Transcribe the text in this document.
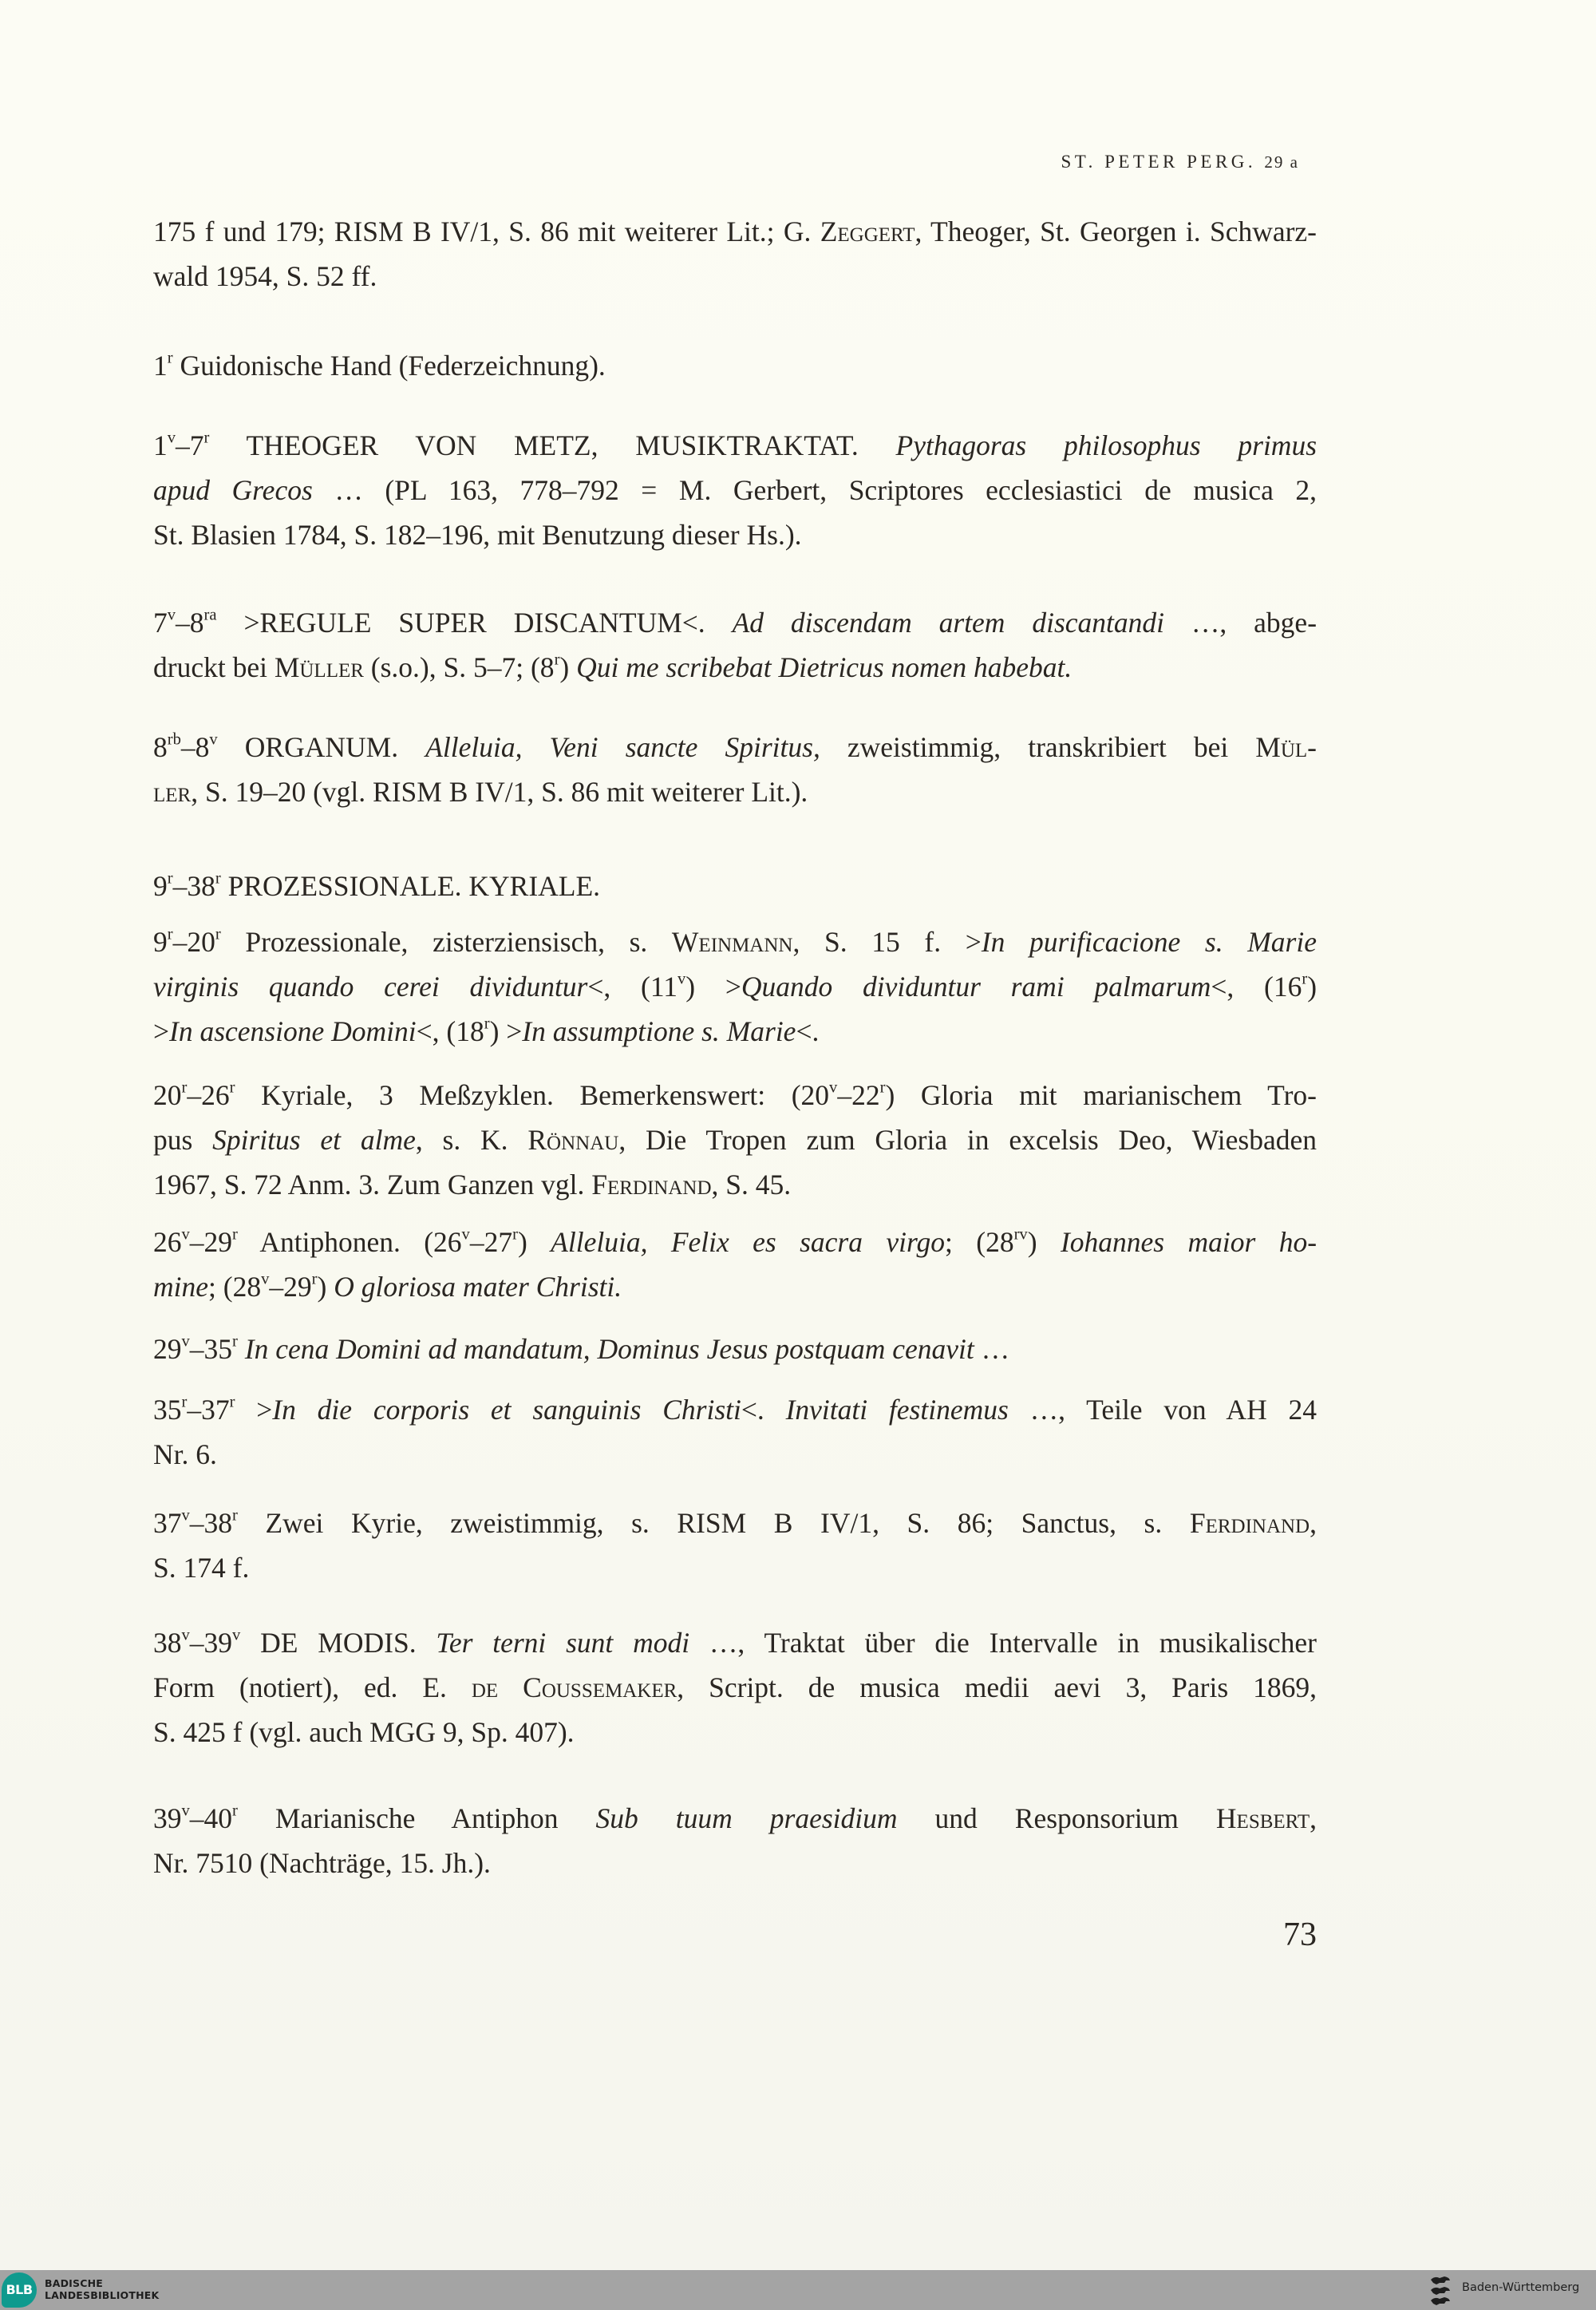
ST. PETER PERG. 29 a
175 f und 179; RISM B IV/1, S. 86 mit weiterer Lit.; G. Zeggert, Theoger, St. Georgen i. Schwarz-
wald 1954, S. 52 ff.
1$^r$ Guidonische Hand (Federzeichnung).
1$^v$–7$^r$ THEOGER VON METZ, MUSIKTRAKTAT. Pythagoras philosophus primus
apud Grecos … (PL 163, 778–792 = M. Gerbert, Scriptores ecclesiastici de musica 2,
St. Blasien 1784, S. 182–196, mit Benutzung dieser Hs.).
$7^v-8^{ra}$ >REGULE SUPER DISCANTUM<. Ad discendam artem discantandi …, abge-
druckt bei Müller (s.o.), S. 5–7; (8$^r$) Qui me scribebat Dietricus nomen habebat.
$8^{rb}-8^v$ ORGANUM. Alleluia, Veni sancte Spiritus, zweistimmig, transkribiert bei Mül-
ler, S. 19–20 (vgl. RISM B IV/1, S. 86 mit weiterer Lit.).
9$^r$–38$^r$ PROZESSIONALE. KYRIALE.
9$^r$–20$^r$ Prozessionale, zisterziensisch, s. Weinmann, S. 15 f. >In purificacione s. Marie
virginis quando cerei dividuntur<, $(11^v)$ >Quando dividuntur rami palmarum<, $(16^r)$
>In ascensione Domini<, $(18^r) >In$ assumptione s. Marie<.
20$^r$–26$^r$ Kyriale, 3 Meßzyklen. Bemerkenswert: (20$^v$–22$^r$) Gloria mit marianischem Tro-
pus Spiritus et alme, s. K. Rönnau, Die Tropen zum Gloria in excelsis Deo, Wiesbaden
1967, S. 72 Anm. 3. Zum Ganzen vgl. Ferdinand, S. 45.
26$^v$–29$^r$ Antiphonen. (26$^v$–27$^r$) Alleluia, Felix es sacra virgo; $(28^{rv})$ Iohannes maior ho-
mine; (28$^v$–29$^r$) O gloriosa mater Christi.
29$^v$–35$^r$ In cena Domini ad mandatum, Dominus Jesus postquam cenavit …
$35^r-37^r >In$ die corporis et sanguinis Christi<. Invitati festinemus …, Teile von AH 24
Nr. 6.
37$^v$–38$^r$ Zwei Kyrie, zweistimmig, s. RISM B IV/1, S. 86; Sanctus, s. Ferdinand,
S. 174 f.
38$^v$–39$^v$ DE MODIS. Ter terni sunt modi …, Traktat über die Intervalle in musikalischer
Form (notiert), ed. E. de Coussemaker, Script. de musica medii aevi 3, Paris 1869,
S. 425 f (vgl. auch MGG 9, Sp. 407).
39$^v$–40$^r$ Marianische Antiphon Sub tuum praesidium und Responsorium Hesbert,
Nr. 7510 (Nachträge, 15. Jh.).
73
BLB	BADISCHE
LANDESBIBLIOTHEK
Baden-Württemberg
